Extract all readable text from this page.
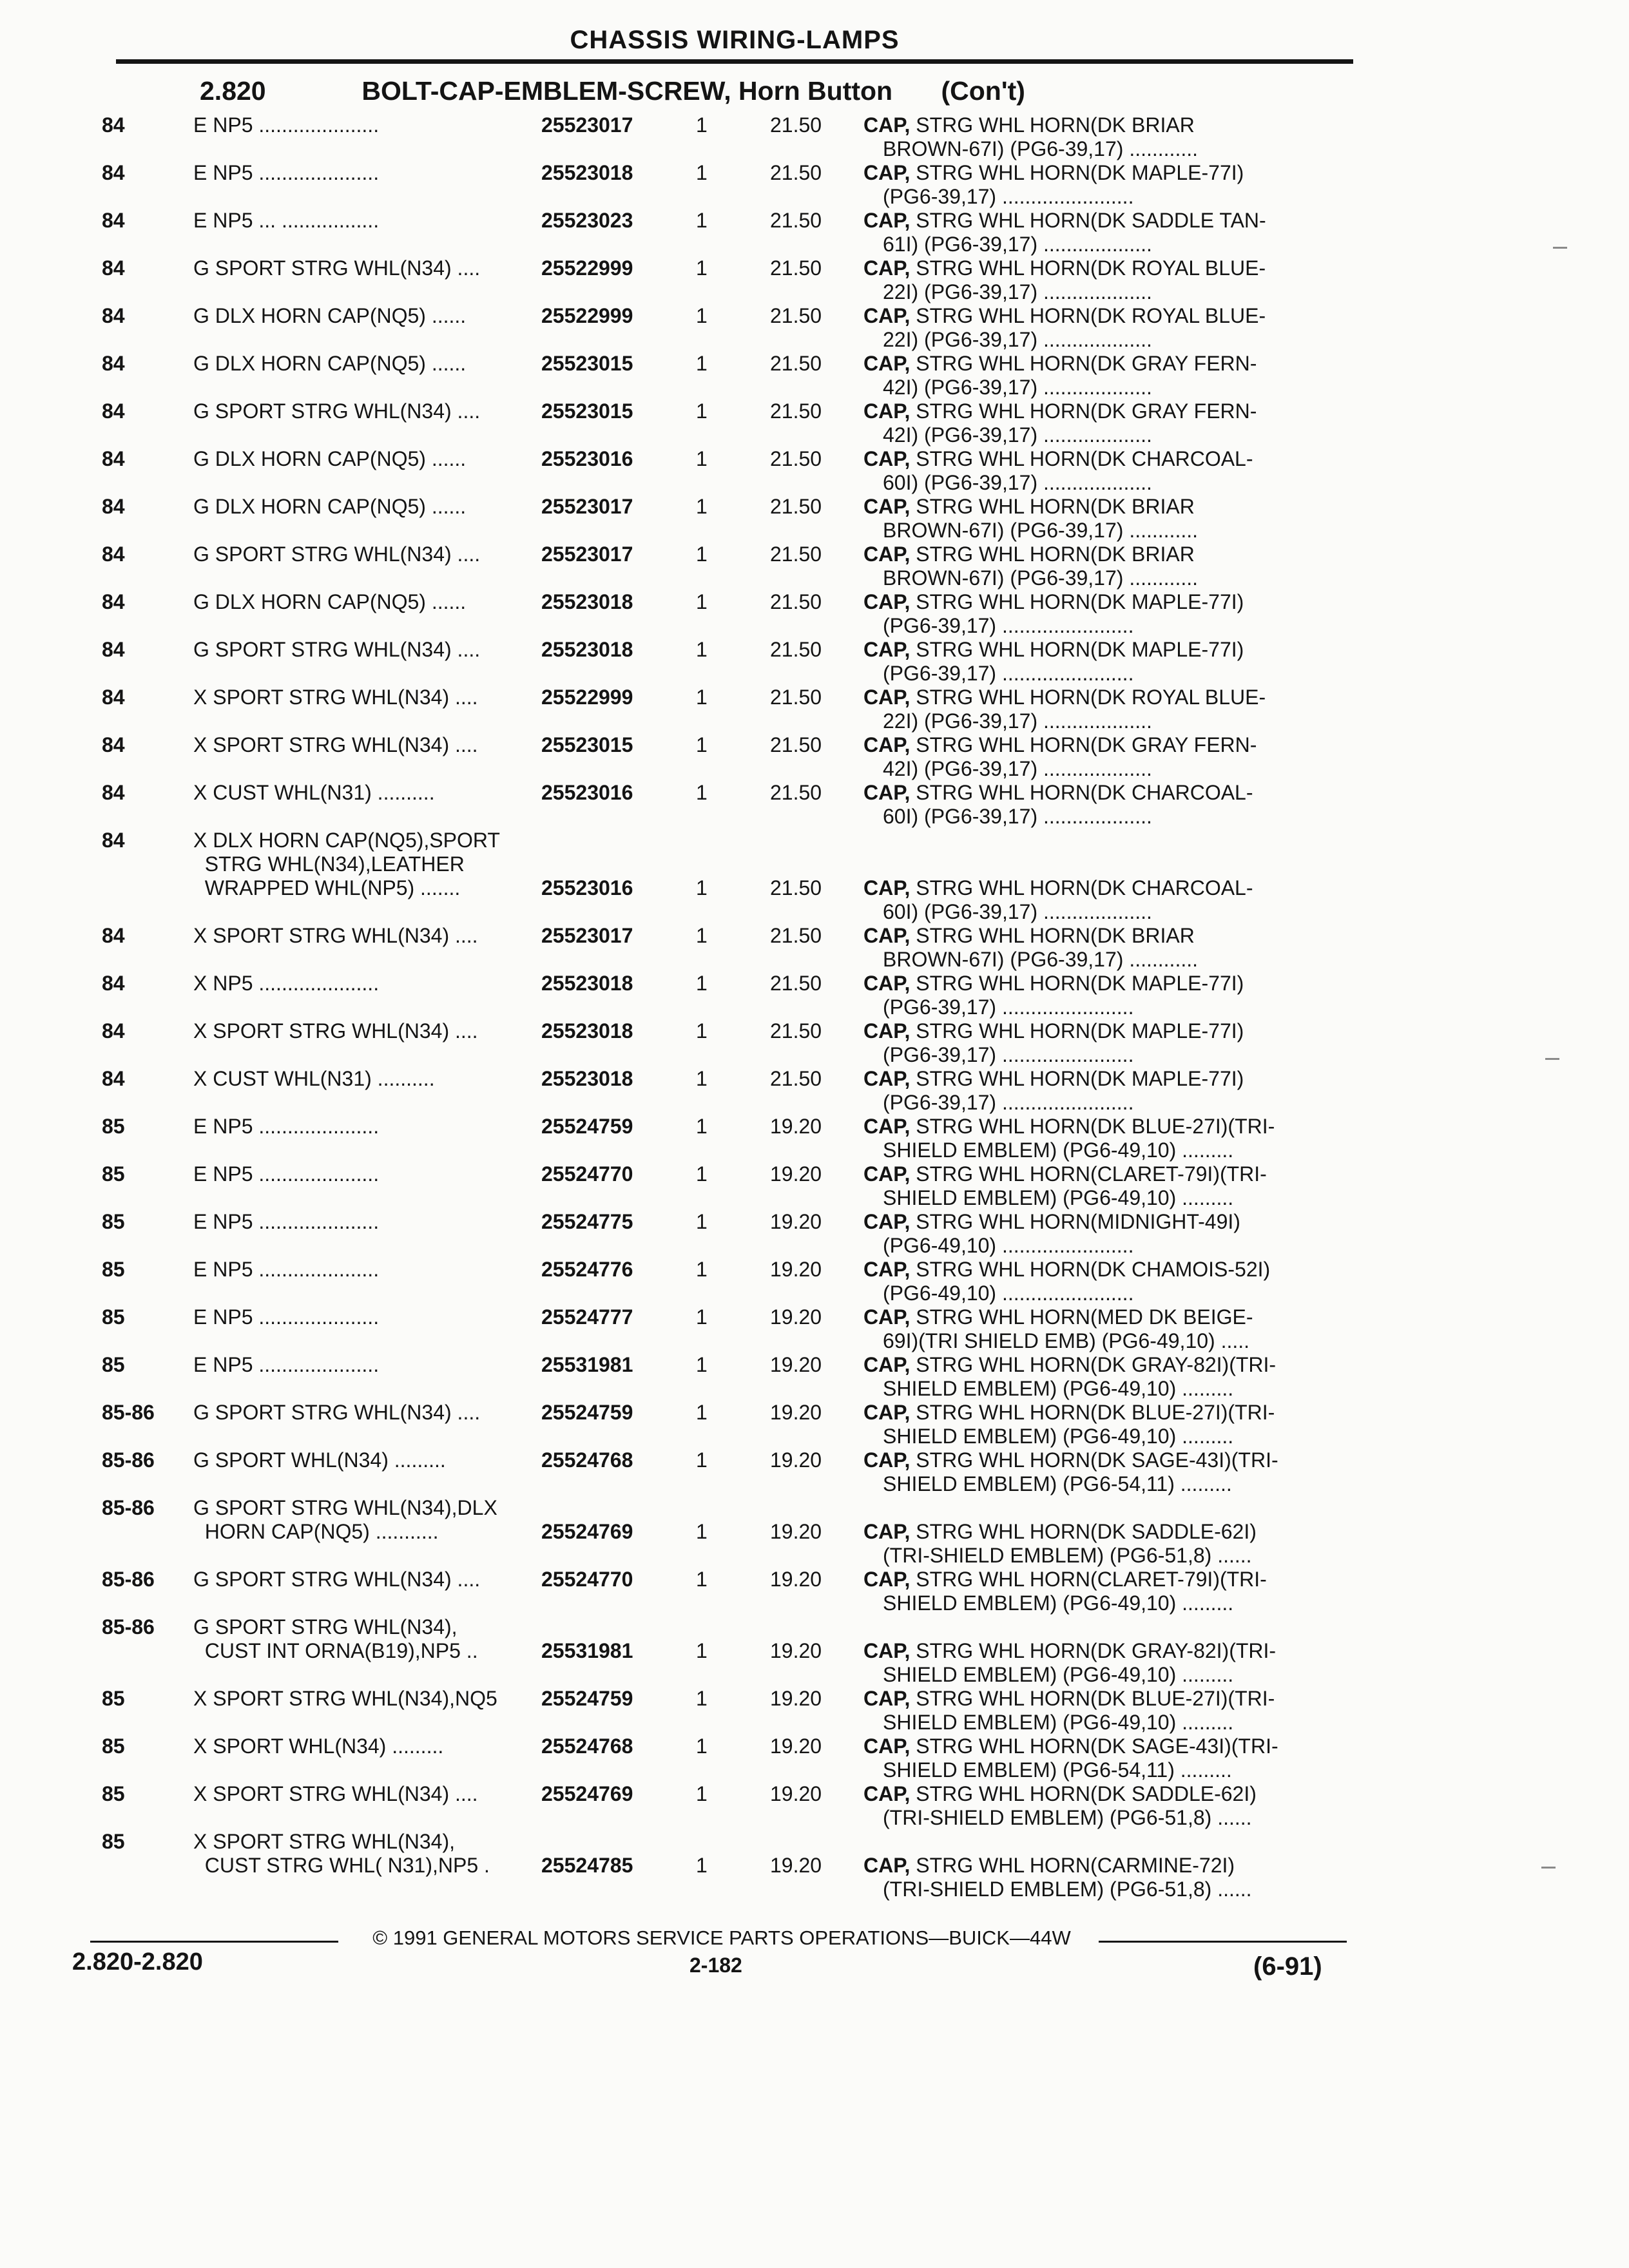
CHASSIS WIRING-LAMPS
2.820	BOLT-CAP-EMBLEM-SCREW, Horn Button (Con't)
84	E NP5 .....................	25523017	1	21.50	CAP, STRG WHL HORN(DK BRIAR
BROWN-67I) (PG6-39,17) ............
84	E NP5 .....................	25523018	1	21.50	CAP, STRG WHL HORN(DK MAPLE-77I)
(PG6-39,17) .......................
84	E NP5 ... .................	25523023	1	21.50	CAP, STRG WHL HORN(DK SADDLE TAN-
61I) (PG6-39,17) ...................
84	G SPORT STRG WHL(N34) ....	25522999	1	21.50	CAP, STRG WHL HORN(DK ROYAL BLUE-
22I) (PG6-39,17) ...................
84	G DLX HORN CAP(NQ5) ......	25522999	1	21.50	CAP, STRG WHL HORN(DK ROYAL BLUE-
22I) (PG6-39,17) ...................
84	G DLX HORN CAP(NQ5) ......	25523015	1	21.50	CAP, STRG WHL HORN(DK GRAY FERN-
42I) (PG6-39,17) ...................
84	G SPORT STRG WHL(N34) ....	25523015	1	21.50	CAP, STRG WHL HORN(DK GRAY FERN-
42I) (PG6-39,17) ...................
84	G DLX HORN CAP(NQ5) ......	25523016	1	21.50	CAP, STRG WHL HORN(DK CHARCOAL-
60I) (PG6-39,17) ...................
84	G DLX HORN CAP(NQ5) ......	25523017	1	21.50	CAP, STRG WHL HORN(DK BRIAR
BROWN-67I) (PG6-39,17) ............
84	G SPORT STRG WHL(N34) ....	25523017	1	21.50	CAP, STRG WHL HORN(DK BRIAR
BROWN-67I) (PG6-39,17) ............
84	G DLX HORN CAP(NQ5) ......	25523018	1	21.50	CAP, STRG WHL HORN(DK MAPLE-77I)
(PG6-39,17) .......................
84	G SPORT STRG WHL(N34) ....	25523018	1	21.50	CAP, STRG WHL HORN(DK MAPLE-77I)
(PG6-39,17) .......................
84	X SPORT STRG WHL(N34) ....	25522999	1	21.50	CAP, STRG WHL HORN(DK ROYAL BLUE-
22I) (PG6-39,17) ...................
84	X SPORT STRG WHL(N34) ....	25523015	1	21.50	CAP, STRG WHL HORN(DK GRAY FERN-
42I) (PG6-39,17) ...................
84	X CUST WHL(N31) ..........	25523016	1	21.50	CAP, STRG WHL HORN(DK CHARCOAL-
60I) (PG6-39,17) ...................
84	X DLX HORN CAP(NQ5),SPORT
STRG WHL(N34),LEATHER
WRAPPED WHL(NP5) .......	25523016	1	21.50	CAP, STRG WHL HORN(DK CHARCOAL-
60I) (PG6-39,17) ...................
84	X SPORT STRG WHL(N34) ....	25523017	1	21.50	CAP, STRG WHL HORN(DK BRIAR
BROWN-67I) (PG6-39,17) ............
84	X NP5 .....................	25523018	1	21.50	CAP, STRG WHL HORN(DK MAPLE-77I)
(PG6-39,17) .......................
84	X SPORT STRG WHL(N34) ....	25523018	1	21.50	CAP, STRG WHL HORN(DK MAPLE-77I)
(PG6-39,17) .......................
84	X CUST WHL(N31) ..........	25523018	1	21.50	CAP, STRG WHL HORN(DK MAPLE-77I)
(PG6-39,17) .......................
85	E NP5 .....................	25524759	1	19.20	CAP, STRG WHL HORN(DK BLUE-27I)(TRI-
SHIELD EMBLEM) (PG6-49,10) .........
85	E NP5 .....................	25524770	1	19.20	CAP, STRG WHL HORN(CLARET-79I)(TRI-
SHIELD EMBLEM) (PG6-49,10) .........
85	E NP5 .....................	25524775	1	19.20	CAP, STRG WHL HORN(MIDNIGHT-49I)
(PG6-49,10) .......................
85	E NP5 .....................	25524776	1	19.20	CAP, STRG WHL HORN(DK CHAMOIS-52I)
(PG6-49,10) .......................
85	E NP5 .....................	25524777	1	19.20	CAP, STRG WHL HORN(MED DK BEIGE-
69I)(TRI SHIELD EMB) (PG6-49,10) .....
85	E NP5 .....................	25531981	1	19.20	CAP, STRG WHL HORN(DK GRAY-82I)(TRI-
SHIELD EMBLEM) (PG6-49,10) .........
85-86	G SPORT STRG WHL(N34) ....	25524759	1	19.20	CAP, STRG WHL HORN(DK BLUE-27I)(TRI-
SHIELD EMBLEM) (PG6-49,10) .........
85-86	G SPORT WHL(N34) .........	25524768	1	19.20	CAP, STRG WHL HORN(DK SAGE-43I)(TRI-
SHIELD EMBLEM) (PG6-54,11) .........
85-86	G SPORT STRG WHL(N34),DLX
HORN CAP(NQ5) ...........	25524769	1	19.20	CAP, STRG WHL HORN(DK SADDLE-62I)
(TRI-SHIELD EMBLEM) (PG6-51,8) ......
85-86	G SPORT STRG WHL(N34) ....	25524770	1	19.20	CAP, STRG WHL HORN(CLARET-79I)(TRI-
SHIELD EMBLEM) (PG6-49,10) .........
85-86	G SPORT STRG WHL(N34),
CUST INT ORNA(B19),NP5 ..	25531981	1	19.20	CAP, STRG WHL HORN(DK GRAY-82I)(TRI-
SHIELD EMBLEM) (PG6-49,10) .........
85	X SPORT STRG WHL(N34),NQ5	25524759	1	19.20	CAP, STRG WHL HORN(DK BLUE-27I)(TRI-
SHIELD EMBLEM) (PG6-49,10) .........
85	X SPORT WHL(N34) .........	25524768	1	19.20	CAP, STRG WHL HORN(DK SAGE-43I)(TRI-
SHIELD EMBLEM) (PG6-54,11) .........
85	X SPORT STRG WHL(N34) ....	25524769	1	19.20	CAP, STRG WHL HORN(DK SADDLE-62I)
(TRI-SHIELD EMBLEM) (PG6-51,8) ......
85	X SPORT STRG WHL(N34),
CUST STRG WHL( N31),NP5 .	25524785	1	19.20	CAP, STRG WHL HORN(CARMINE-72I)
(TRI-SHIELD EMBLEM) (PG6-51,8) ......
© 1991 GENERAL MOTORS SERVICE PARTS OPERATIONS—BUICK—44W
2.820-2.820	2-182	(6-91)
